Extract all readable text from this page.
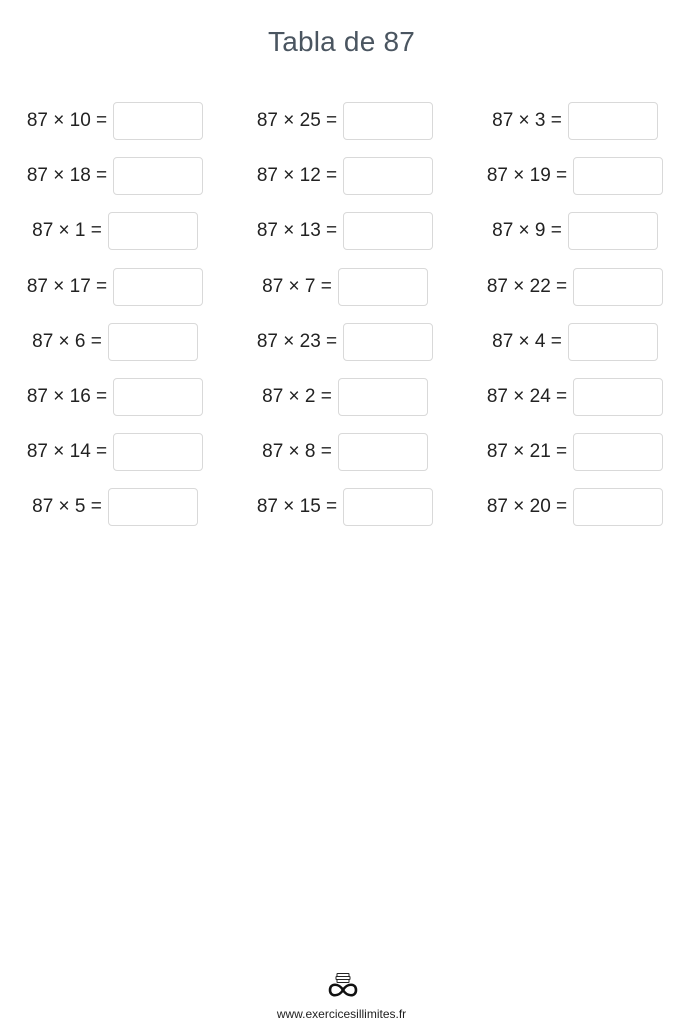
Tabla de 87
87 × 10 =	87 × 25 =	87 × 3 =
87 × 18 =	87 × 12 =	87 × 19 =
87 × 1 =	87 × 13 =	87 × 9 =
87 × 17 =	87 × 7 =	87 × 22 =
87 × 6 =	87 × 23 =	87 × 4 =
87 × 16 =	87 × 2 =	87 × 24 =
87 × 14 =	87 × 8 =	87 × 21 =
87 × 5 =	87 × 15 =	87 × 20 =
www.exercicesillimites.fr
